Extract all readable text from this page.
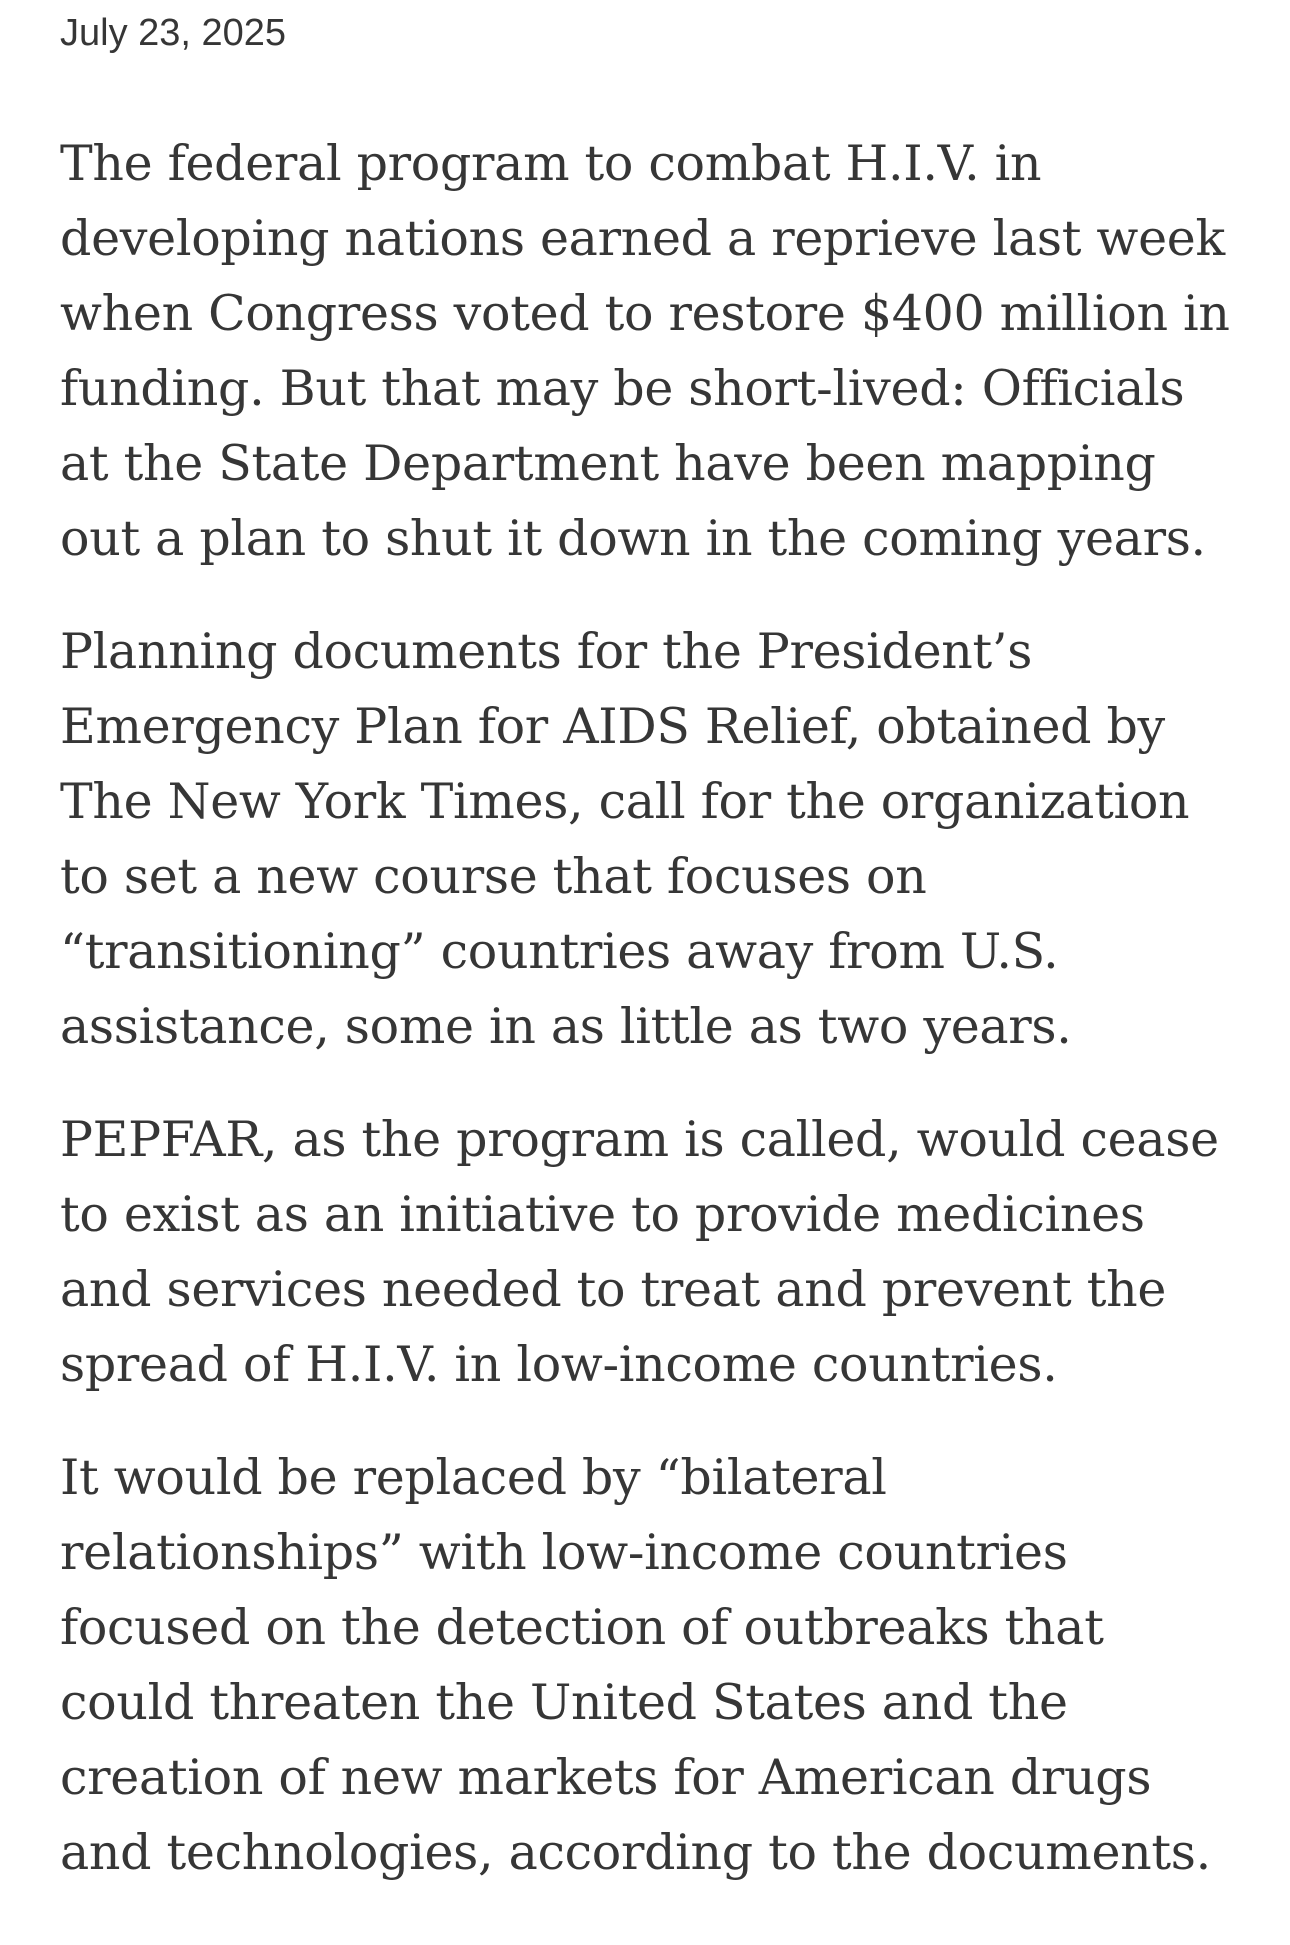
July 23, 2025

The federal program to combat H.I.V. in developing nations earned a reprieve last week when Congress voted to restore $400 million in funding. But that may be short-lived: Officials at the State Department have been mapping out a plan to shut it down in the coming years.

Planning documents for the President’s Emergency Plan for AIDS Relief, obtained by The New York Times, call for the organization to set a new course that focuses on “transitioning” countries away from U.S. assistance, some in as little as two years.

PEPFAR, as the program is called, would cease to exist as an initiative to provide medicines and services needed to treat and prevent the spread of H.I.V. in low-income countries.

It would be replaced by “bilateral relationships” with low-income countries focused on the detection of outbreaks that could threaten the United States and the creation of new markets for American drugs and technologies, according to the documents.
